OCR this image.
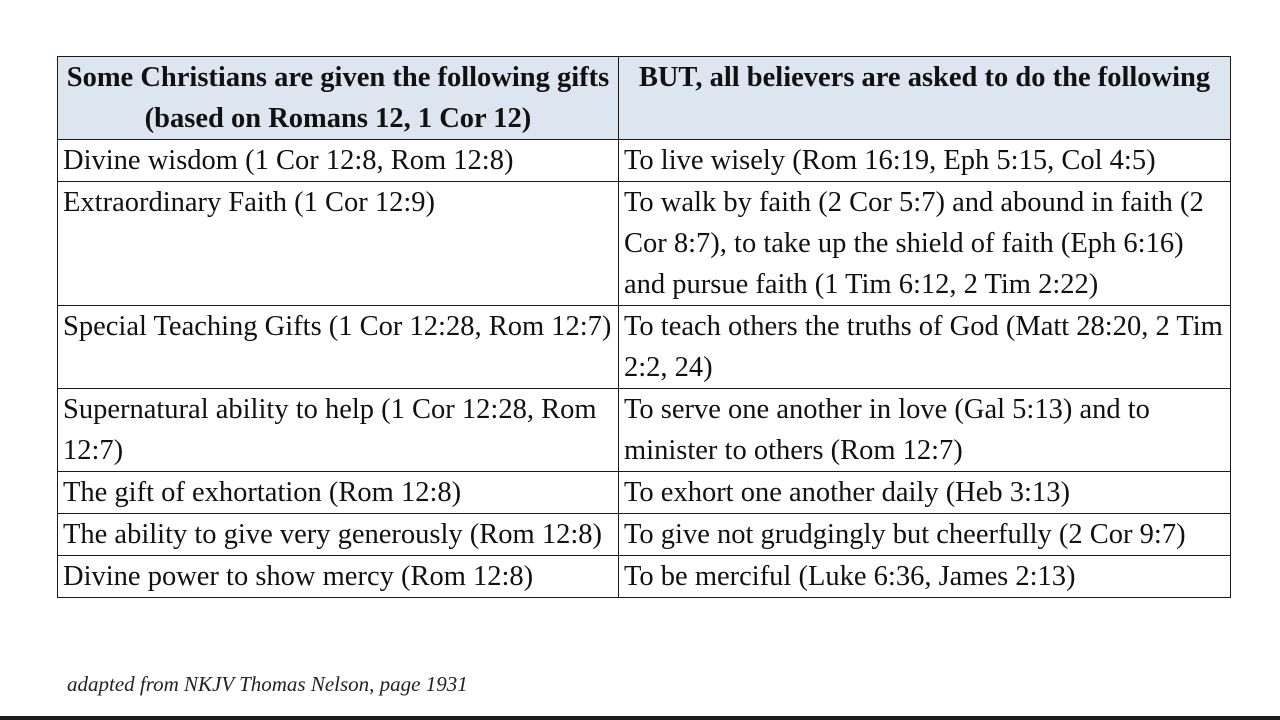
Some Christians are given the following gifts (based on Romans 12, 1 Cor 12)	BUT, all believers are asked to do the following
Divine wisdom (1 Cor 12:8, Rom 12:8)	To live wisely (Rom 16:19, Eph 5:15, Col 4:5)
Extraordinary Faith (1 Cor 12:9)	To walk by faith (2 Cor 5:7) and abound in faith (2 Cor 8:7), to take up the shield of faith (Eph 6:16) and pursue faith (1 Tim 6:12, 2 Tim 2:22)
Special Teaching Gifts (1 Cor 12:28, Rom 12:7)	To teach others the truths of God (Matt 28:20, 2 Tim 2:2, 24)
Supernatural ability to help (1 Cor 12:28, Rom 12:7)	To serve one another in love (Gal 5:13) and to minister to others (Rom 12:7)
The gift of exhortation (Rom 12:8)	To exhort one another daily (Heb 3:13)
The ability to give very generously (Rom 12:8)	To give not grudgingly but cheerfully (2 Cor 9:7)
Divine power to show mercy (Rom 12:8)	To be merciful (Luke 6:36, James 2:13)
adapted from NKJV Thomas Nelson, page 1931
